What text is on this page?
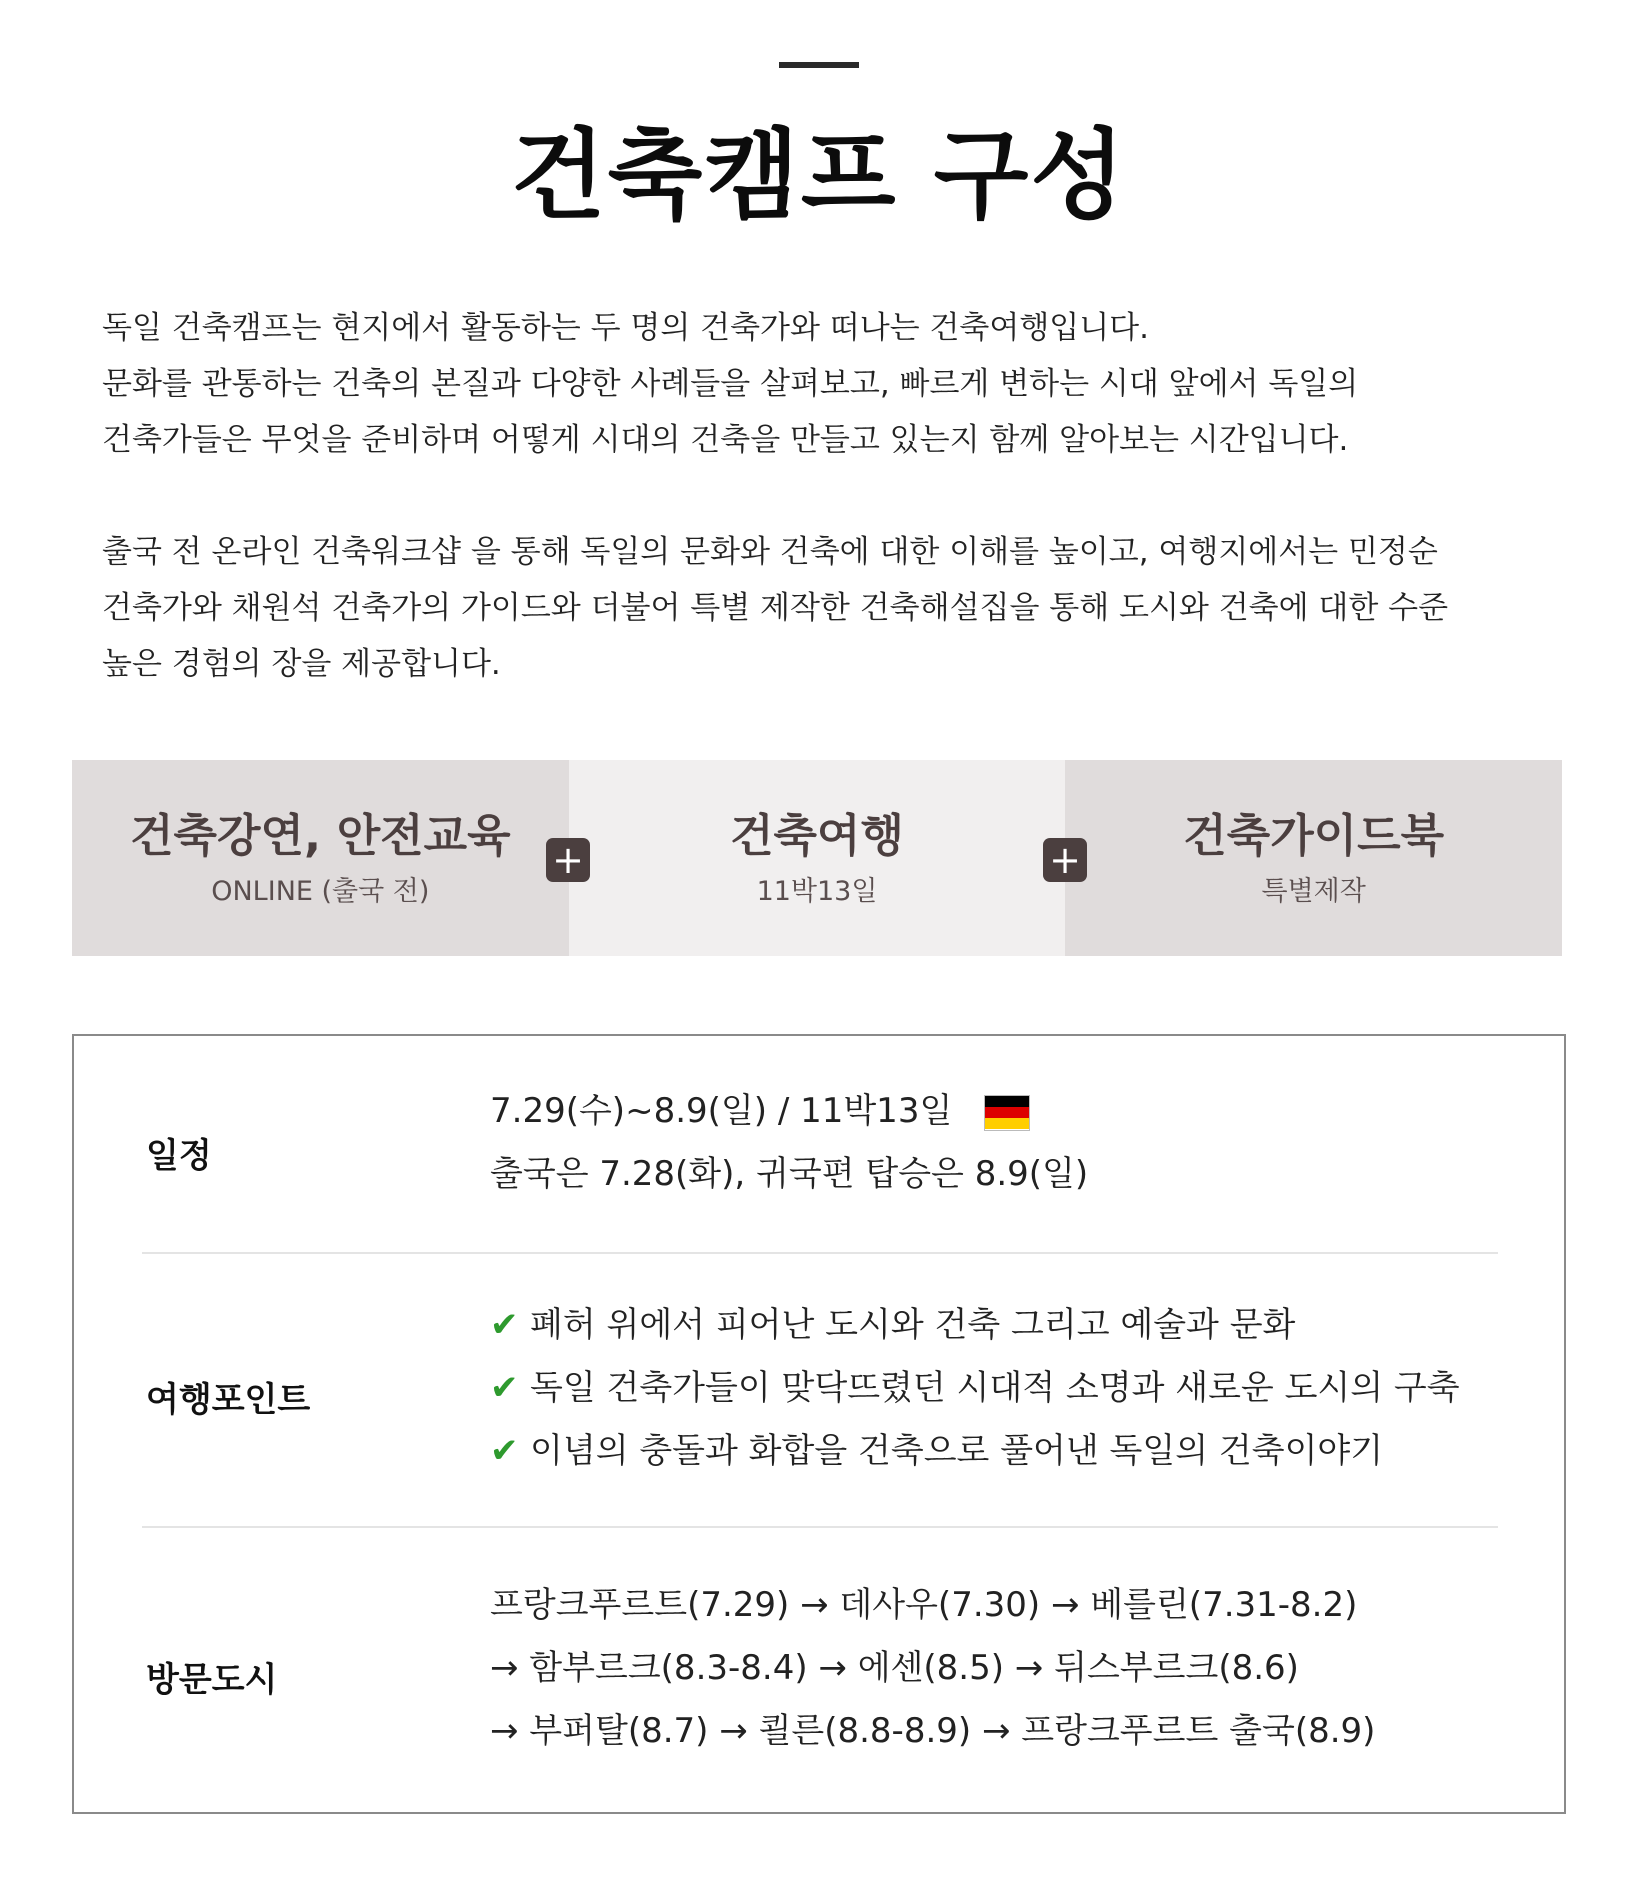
건축캠프 구성

독일 건축캠프는 현지에서 활동하는 두 명의 건축가와 떠나는 건축여행입니다.

문화를 관통하는 건축의 본질과 다양한 사례들을 살펴보고, 빠르게 변하는 시대 앞에서 독일의

건축가들은 무엇을 준비하며 어떻게 시대의 건축을 만들고 있는지 함께 알아보는 시간입니다.

출국 전 온라인 건축워크샵 을 통해 독일의 문화와 건축에 대한 이해를 높이고, 여행지에서는 민정순

건축가와 채원석 건축가의 가이드와 더불어 특별 제작한 건축해설집을 통해 도시와 건축에 대한 수준

높은 경험의 장을 제공합니다.

건축강연, 안전교육
ONLINE (출국 전)
건축여행
11박13일
건축가이드북
특별제작
+	+
일정
7.29(수)~8.9(일) / 11박13일
출국은 7.28(화), 귀국편 탑승은 8.9(일)
여행포인트
✔ 폐허 위에서 피어난 도시와 건축 그리고 예술과 문화
✔ 독일 건축가들이 맞닥뜨렸던 시대적 소명과 새로운 도시의 구축
✔ 이념의 충돌과 화합을 건축으로 풀어낸 독일의 건축이야기
방문도시
프랑크푸르트(7.29) → 데사우(7.30) → 베를린(7.31-8.2)
→ 함부르크(8.3-8.4) → 에센(8.5) → 뒤스부르크(8.6)
→ 부퍼탈(8.7) → 쾰른(8.8-8.9) → 프랑크푸르트 출국(8.9)
